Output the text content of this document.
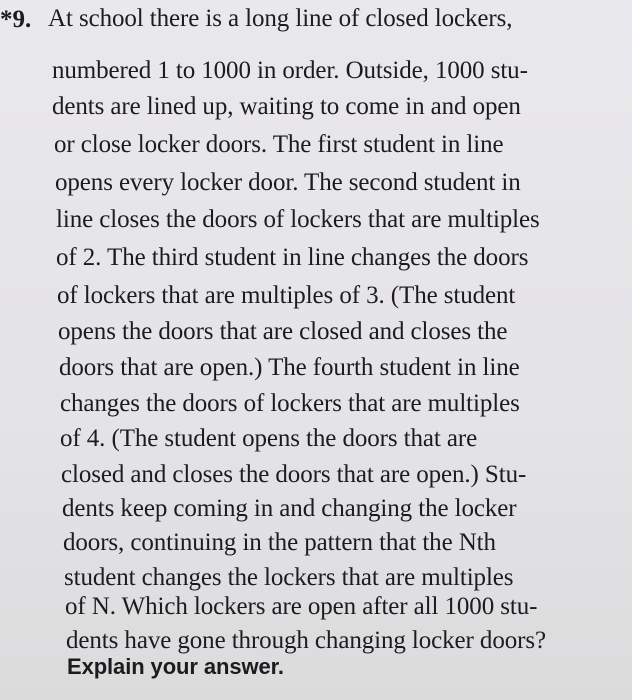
*9. At school there is a long line of closed lockers,
numbered 1 to 1000 in order. Outside, 1000 stu-
dents are lined up, waiting to come in and open
or close locker doors. The first student in line
opens every locker door. The second student in
line closes the doors of lockers that are multiples
of 2. The third student in line changes the doors
of lockers that are multiples of 3. (The student
opens the doors that are closed and closes the
doors that are open.) The fourth student in line
changes the doors of lockers that are multiples
of 4. (The student opens the doors that are
closed and closes the doors that are open.) Stu-
dents keep coming in and changing the locker
doors, continuing in the pattern that the Nth
student changes the lockers that are multiples
of N. Which lockers are open after all 1000 stu-
dents have gone through changing locker doors?
Explain your answer.
